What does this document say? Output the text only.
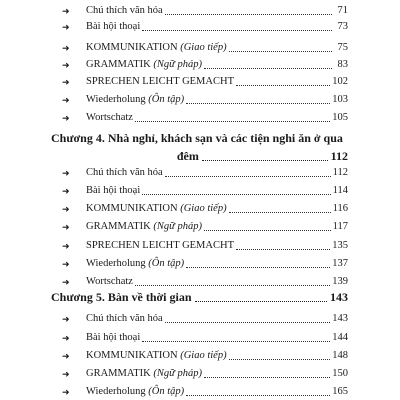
➜	Chú thích văn hóa	71
➜	Bài hội thoại	73
➜	KOMMUNIKATION (Giao tiếp)	75
➜	GRAMMATIK (Ngữ pháp)	83
➜	SPRECHEN LEICHT GEMACHT	102
➜	Wiederholung (Ôn tập)	103
➜	Wortschatz	105
Chương 4. Nhà nghỉ, khách sạn và các tiện nghi ăn ở qua
đêm	112
➜	Chú thích văn hóa	112
➜	Bài hội thoại	114
➜	KOMMUNIKATION (Giao tiếp)	116
➜	GRAMMATIK (Ngữ pháp)	117
➜	SPRECHEN LEICHT GEMACHT	135
➜	Wiederholung (Ôn tập)	137
➜	Wortschatz	139
Chương 5. Bàn về thời gian	143
➜	Chú thích văn hóa	143
➜	Bài hội thoại	144
➜	KOMMUNIKATION (Giao tiếp)	148
➜	GRAMMATIK (Ngữ pháp)	150
➜	Wiederholung (Ôn tập)	165
